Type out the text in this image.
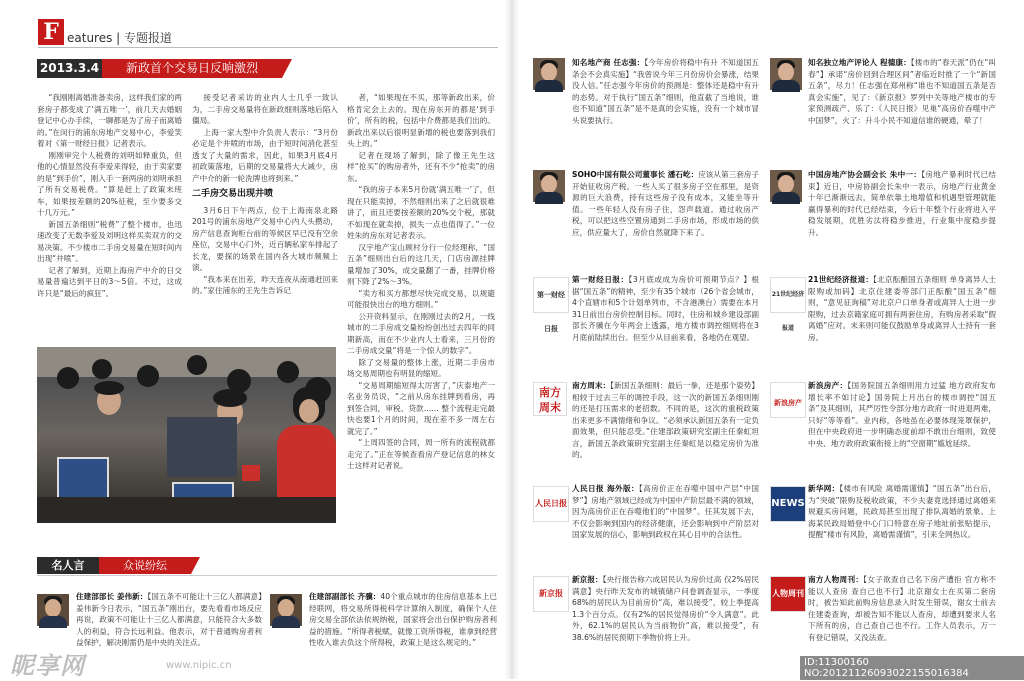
F eatures | 专题报道
2013.3.4	新政首个交易日反响激烈

“我刚刚离婚准备卖房，这样我们家的两套房子都变成了‘满五唯一’，前几天去婚姻登记中心办手续，一聊都是为了房子而离婚的。”在闵行的浦东房地产交易中心，李爱笑着对《第一财经日报》记者表示。

刚刚审完个人税费的刘明如释重负，但他的心情显然没有李爱来得轻，由于卖家要的是“到手价”，刚入手一套两房的刘明承担了所有交易税费。“算是赶上了政策末班车，如果按差额的20%征税，至少要多交十几万元。”

新国五条细则“税费”了整个楼市，也迅速改变了无数李爱及刘明这样买卖双方的交易决策。不少楼市二手房交易量在短时间内出现“井喷”。

记者了解到，近期上海房产中介的日交易量普遍达到平日的3～5倍。不过，这成许只是“最后的疯狂”。

接受记者采访的业内人士几乎一致认为，二手房交易量将在新政细则落地后陷入僵局。

上海一家大型中介负责人表示：“3月份必定是个井喷的市场，由于短时间消化甚至透支了大量的需求，因此，如果3月底4月初政策落地，后期的交易量将大大减少，房产中介的新一轮洗牌也将到来。”

二手房交易出现井喷

3月6日下午两点，位于上海南泉北路201号的浦东房地产交易中心内人头攒动，房产信息查询柜台前的等候区早已没有空余座位，交易中心门外，近百辆私家车排起了长龙，要探的场景在国内各大城市频频上演。

“我本来在出差，昨天连夜从南通赶回来的。”家住浦东的王先生告诉记

者，“如果现在不买，那等新政出来，价格肯定会上去的。现在房东开的都是‘到手价’，所有的税，包括中介费都是我们出的。新政出来以后很明显新增的税也要落到我们头上的。”

记者在现场了解到，除了像王先生这样“抢买”的购房者外，还有不少“抢卖”的房东。

“我的房子本来5月份就‘满五唯一’了，但现在只能卖掉，不然细则出来了之后就很难讲了，而且还要按差额的20%交个税，那就不如现在就卖掉，损失一点也值得了。”一位姓朱的房东对记者表示。

汉宇地产宝山顾村分行一位经理称，“国五条”细则出台后的这几天，门店房源挂牌量增加了30%，成交量翻了一番，挂牌价格则下降了2%～3%。

“卖方和买方都想尽快完成交易，以规避可能很快出台的地方细则。”

公开资料显示，在刚刚过去的2月，一线城市的二手房成交量纷纷创出过去四年的同期新高，而在不少业内人士看来，三月份的二手房成交量“将是一个惊人的数字”。

除了交易量的整体上涨，近期二手房市场交易周期也有明显的缩短。

“交易周期缩短得太厉害了，”庆泰地产一名业务员说，“之前从房东挂牌到看房，再到签合同，审税、贷款…… 整个流程走完最快也要1个月的时间，现在差不多一周左右就完了。”

“上周四签的合同，周一所有的流程就都走完了。”正在等候查看房产登记信息的林女士这样对记者说。

名人言	众说纷纭
住建部部长 姜伟新：【国五条不可能让十三亿人都满意】姜伟新今日表示，“国五条”刚出台，要先看看市场反应再说，政策不可能让十三亿人都满意，只能符合大多数人的利益，符合长远利益。他表示，对于普通购房者利益保护，解决刚需仍是中央的关注点。
住建部副部长 齐骥：40个重点城市的住房信息基本上已经联网，将交易所得税科学计算纳入制度，确保个人住房交易全部依法依规纳税，国家将会出台保护购房者利益的措施。“所得者税赋，就像工资所得税，谁拿到经营性收入谁去负这个所得税，政策上是这么规定的。”
知名地产商 任志强：【今年房价将稳中有升 不知道国五条会不会真实施】“我曾说今年三月份房价会暴涨，结果没人信。”任志强今年房价的预测是：整体还是稳中有升的态势。对于执行“国五条”细则，他直截了当地说，谁也不知道“国五条”是不是真的会实施，没有一个城市冒头说要执行。
知名独立地产评论人 程德康：【楼市的“春天派”仍在“叫春”】承诺“房价回到合理区间”者临近时推了一个“新国五条”，尽力！任志强在郑州称“谁也不知道国五条是否真会实施”，见了：《新京报》罗列中关等地产楼市的专家预测疏产、乐了：《人民日报》见巢“高房价吞噬中产中国梦”，火了：升斗小民不知道信谁的硬通，晕了！
SOHO中国有限公司董事长 潘石屹：应该从第三套房子开始征收房产税。一些人买了很多房子空在那里，是资源的巨大浪费，持有这些房子没有成本，又能坐等升值。一些年轻人没有房子住，怨声载道。通过收房产税，可以把这些空置房通到二手房市场，形成市场的供应，供应量大了，房价自然就降下来了。
中国房地产协会副会长 朱中一：【房地产暴利时代已结束】近日，中房协副会长朱中一表示，房地产行业黄金十年已渐渐远去，简单依靠土地增值和机遇型管理就能赢得暴利的时代已经结束，今后十年整个行业将进入平稳发展期，优胜劣汰将稳步推进，行业集中度稳步提升。
第一财经日报
第一财经日报：【3月底或成为房价可预期节点？】根据“国五条”的精神，至少有35个城市（26个省会城市，4个直辖市和5个计划单列市，不含港澳台）需要在本月31日前出台房价控制目标。同时，住房和城乡建设部副部长齐骥在今年两会上透露，地方楼市调控细则将在3月底前陆续出台。但至少从目前来看，各地仍在观望。
21世纪经济报道
21世纪经济报道：【北京酝酿国五条细则 单身离异人士限购或加码】北京住建委等部门正酝酿“国五条”细则，“意见征询稿”对北京户口单身者或离异人士进一步限购，过去京籍家庭可拥有两套住房，有购房者采取“假离婚”应对。未来则可能仅鼓励单身或离异人士持有一套房。
南方周末
南方周末：【新国五条细则：最后一拳，还是那个姿势】相较于过去三年的调控手段，这一次的新国五条细则刚的还是打压需求的老招数。不同的是，这次的重税政策出来更多不满情绪和争议。“必须承认新国五条有一定负面效果，但只能忍受。”住建部政策研究室副主任秦虹坦言，新国五条政策研究室副主任秦虹是以稳定房价为准的。
新浪房产
新浪房产：【国务院国五条细则用力过猛 地方政府发布增长率不如讨论】国务院上月出台的楼市调控“国五条”及其细则，其严厉性令部分地方政府一时进退两难，只好“等等看”。业内称，各地虽在必要体现笼罩保护，但在中央政府进一步明确态度前却不敢出台细则，致使中央、地方政府政策衔接上的“空窗期”尴尬延续。
人民日报
人民日报 海外版：【高房价正在吞噬中国中产层“中国梦”】房地产领域已经成为中国中产阶层最不满的领域，因为高房价正在吞噬他们的“中国梦”。任其发展下去，不仅会影响到国内的经济健康，还会影响到中产阶层对国家发展的信心，影响到政权在其心目中的合法性。
NEWS
新华网：【楼市有风险 离婚需谨慎】“国五条”出台后，为“突破”限购及税收政策，不少夫妻竟选择通过离婚来规避买房问题，民政局甚至出现了排队离婚的景象。上海某民政局婚登中心门口特意在房子地址前张贴提示，提醒“楼市有风险，离婚需谨慎”，引来全网热议。
新京报
新京报：【央行报告称六成居民认为房价过高 仅2%居民满意】央行昨天发布的城镇储户问卷调查显示，一季度68%的居民认为目前房价“高，难以接受”，较上季提高1.3个百分点。仅有2%的居民觉得房价“令人满意”。此外，62.1%的居民认为当前物价“高，难以接受”，有38.6%的居民预期下季物价将上升。
人物周刊
南方人物周刊：【女子欲查自己名下房产遭拒 官方称不能以人查房 查自己也不行】北京谢女士在买第二套房时，被告知此前购房信息录入时发生错误，谢女士前去住建委查询，却被告知不能以人查房，却遭到要求人名下所有的房，自己查自己也不行。工作人员表示，万一有登记错误，又没法查。
昵享网	www.nipic.cn	ID:11300160 NO:20121126093022155016384
